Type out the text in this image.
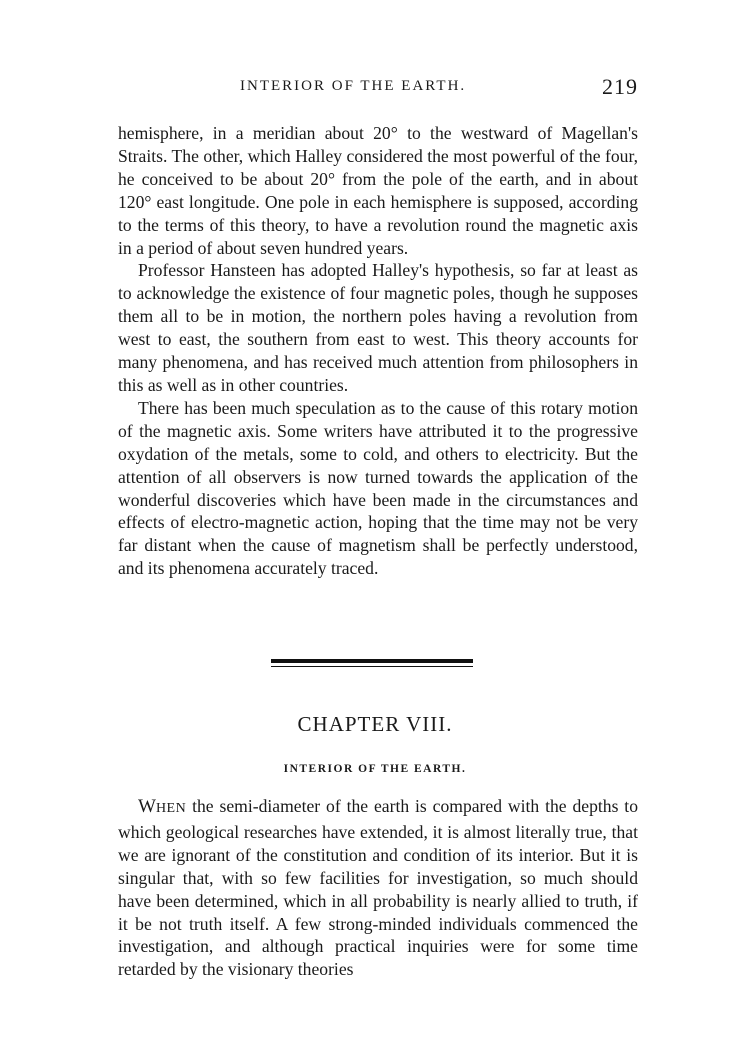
INTERIOR OF THE EARTH.	219

hemisphere, in a meridian about 20° to the westward of Magellan's Straits. The other, which Halley considered the most powerful of the four, he conceived to be about 20° from the pole of the earth, and in about 120° east longitude. One pole in each hemisphere is supposed, according to the terms of this theory, to have a revolution round the magnetic axis in a period of about seven hundred years.

Professor Hansteen has adopted Halley's hypothesis, so far at least as to acknowledge the existence of four magnetic poles, though he supposes them all to be in motion, the northern poles having a revolution from west to east, the southern from east to west. This theory accounts for many phenomena, and has received much attention from philosophers in this as well as in other countries.

There has been much speculation as to the cause of this rotary motion of the magnetic axis. Some writers have attributed it to the progressive oxydation of the metals, some to cold, and others to electricity. But the attention of all observers is now turned towards the application of the wonderful discoveries which have been made in the circumstances and effects of electro-magnetic action, hoping that the time may not be very far distant when the cause of magnetism shall be perfectly understood, and its phenomena accurately traced.

CHAPTER VIII.
INTERIOR OF THE EARTH.

WHEN the semi-diameter of the earth is compared with the depths to which geological researches have extended, it is almost literally true, that we are ignorant of the constitution and condition of its interior. But it is singular that, with so few facilities for investigation, so much should have been determined, which in all probability is nearly allied to truth, if it be not truth itself. A few strong-minded individuals commenced the investigation, and although practical inquiries were for some time retarded by the visionary theories
